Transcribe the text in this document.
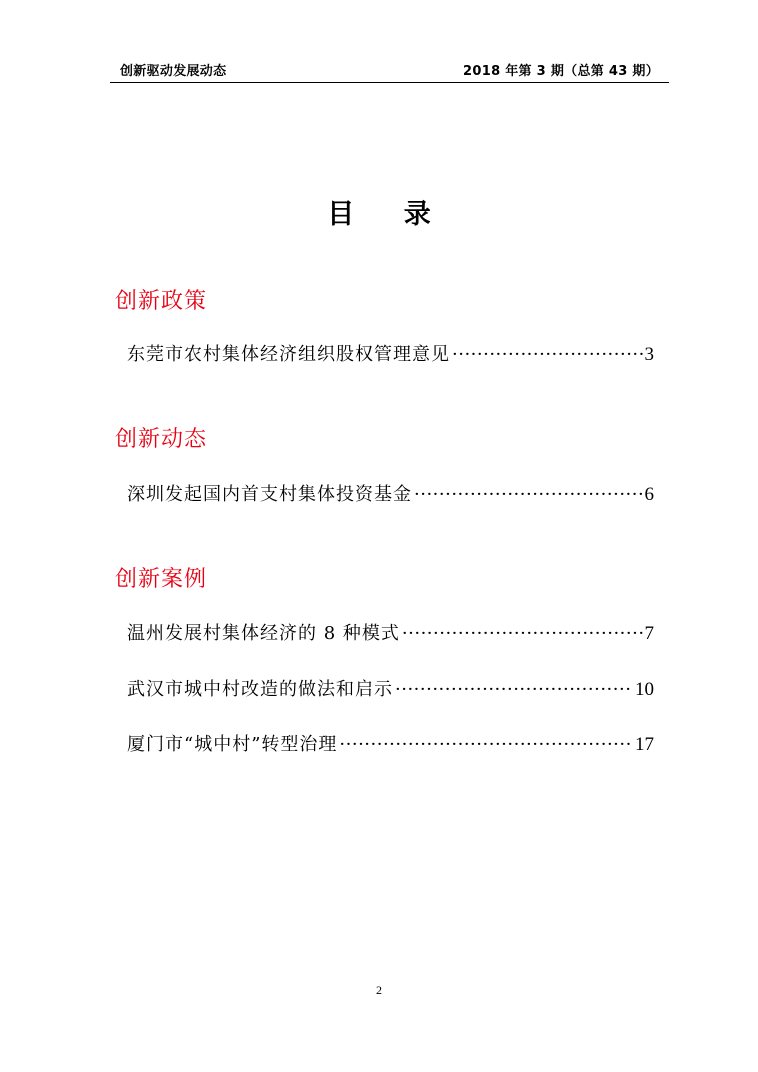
创新驱动发展动态	2018 年第 3 期（总第 43 期）
目 录
创新政策
东莞市农村集体经济组织股权管理意见 ·····	3
创新动态
深圳发起国内首支村集体投资基金 ·····	6
创新案例
温州发展村集体经济的 8 种模式 ·····	7
武汉市城中村改造的做法和启示 ·····	10
厦门市“城中村”转型治理 ·····	17
2
